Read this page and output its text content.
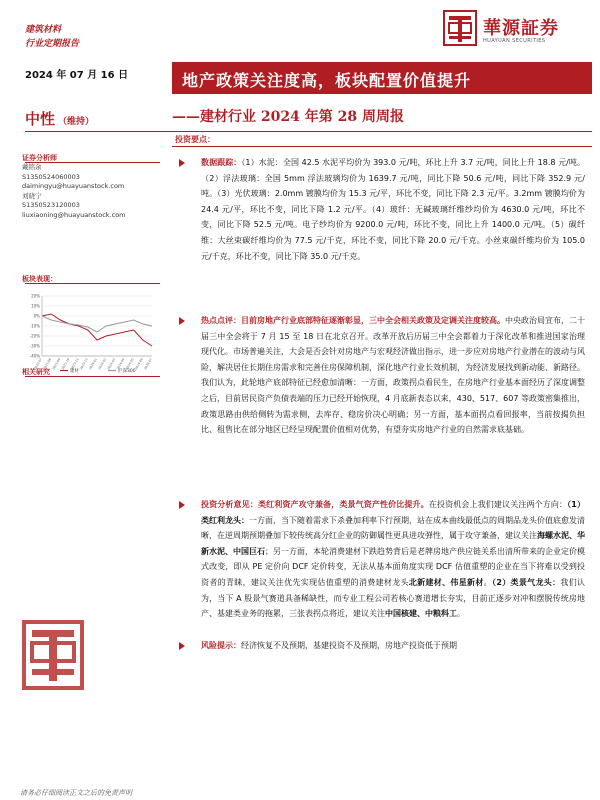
建筑材料
行业定期报告
華源証券
HUAYUAN SECURITIES
2024 年 07 月 16 日	地产政策关注度高，板块配置价值提升
——建材行业 2024 年第 28 周周报
中性 （维持）
投资要点：
证券分析师
戴铭余
S1350524060003
daimingyu@huayuanstock.com
刘晓宁
S1350523120003
liuxiaoning@huayuanstock.com
板块表现：
20%
10%
0%
-10%
-20%
-30%
-40%
2023-07 2023-08 2023-09 2023-10 2023-11 2023-12 2024-01 2024-02 2024-03 2024-04 2024-05 2024-06 2024-07
建材	沪深300
相关研究
数据跟踪：（1）水泥：全国 42.5 水泥平均价为 393.0 元/吨，环比上升 3.7 元/吨，同比上升 18.8 元/吨。（2）浮法玻璃：全国 5mm 浮法玻璃均价为 1639.7 元/吨，同比下降 50.6 元/吨，同比下降 352.9 元/吨。（3）光伏玻璃：2.0mm 镀膜均价为 15.3 元/平，环比不变，同比下降 2.3 元/平。3.2mm 镀膜均价为 24.4 元/平，环比不变，同比下降 1.2 元/平。（4）玻纤：无碱玻璃纤维纱均价为 4630.0 元/吨，环比不变，同比下降 52.5 元/吨。电子纱均价为 9200.0 元/吨，环比不变，同比上升 1400.0 元/吨。（5）碳纤维：大丝束碳纤维均价为 77.5 元/千克，环比不变，同比下降 20.0 元/千克。小丝束碳纤维均价为 105.0 元/千克，环比不变，同比下降 35.0 元/千克。
热点点评：目前房地产行业底部特征逐渐彰显，三中全会相关政策及定调关注度较高。中央政治局宣布，二十届三中全会将于 7 月 15 至 18 日在北京召开。改革开放后历届三中全会都着力于深化改革和推进国家治理现代化。市场普遍关注，大会是否会针对房地产与宏观经济做出指示，进一步应对房地产行业潜在的波动与风险，解决居住长期住房需求和完善住房保障机制，深化地产行业长效机制，为经济发展找到新动能、新路径。我们认为，此轮地产底部特征已经愈加清晰：一方面，政策拐点看民生，在房地产行业基本面经历了深度调整之后，目前居民资产负债表端的压力已经开始恢现，4 月底新表态以来，430、517、607 等政策密集推出，政策思路由供给侧转为需求侧，去库存、稳房价决心明确；另一方面，基本面拐点看回报率，当前按揭负担比、租售比在部分地区已经呈现配置价值相对优势，有望夯实房地产行业的自然需求底基础。
投资分析意见：类红利资产攻守兼备，类景气资产性价比提升。在投资机会上我们建议关注两个方向：（1）类红利龙头：一方面，当下随着需求下杀叠加利率下行预期，站在成本曲线最低点的周期品龙头价值底愈发清晰，在逆周期预期叠加下较传统高分红企业的防御属性更具进攻弹性，属于攻守兼备，建议关注海螺水泥、华新水泥、中国巨石；另一方面，本轮消费建材下跌趋势背后是老牌房地产供应链关系出清所带来的企业定价模式改变，即从 PE 定价向 DCF 定价转变，无法从基本面角度实现 DCF 估值重塑的企业在当下将难以受到投资者的青睐，建议关注优先实现估值重塑的消费建材龙头北新建材、伟星新材。（2）类景气龙头：我们认为，当下 A 股景气赛道具备稀缺性，而专业工程公司若核心赛道增长夯实，目前正逐步对冲和摆脱传统房地产、基建类业务的拖累，三张表拐点将近，建议关注中国核建、中粮科工。
风险提示：经济恢复不及预期，基建投资不及预期，房地产投资低于预期
请务必仔细阅读正文之后的免责声明
